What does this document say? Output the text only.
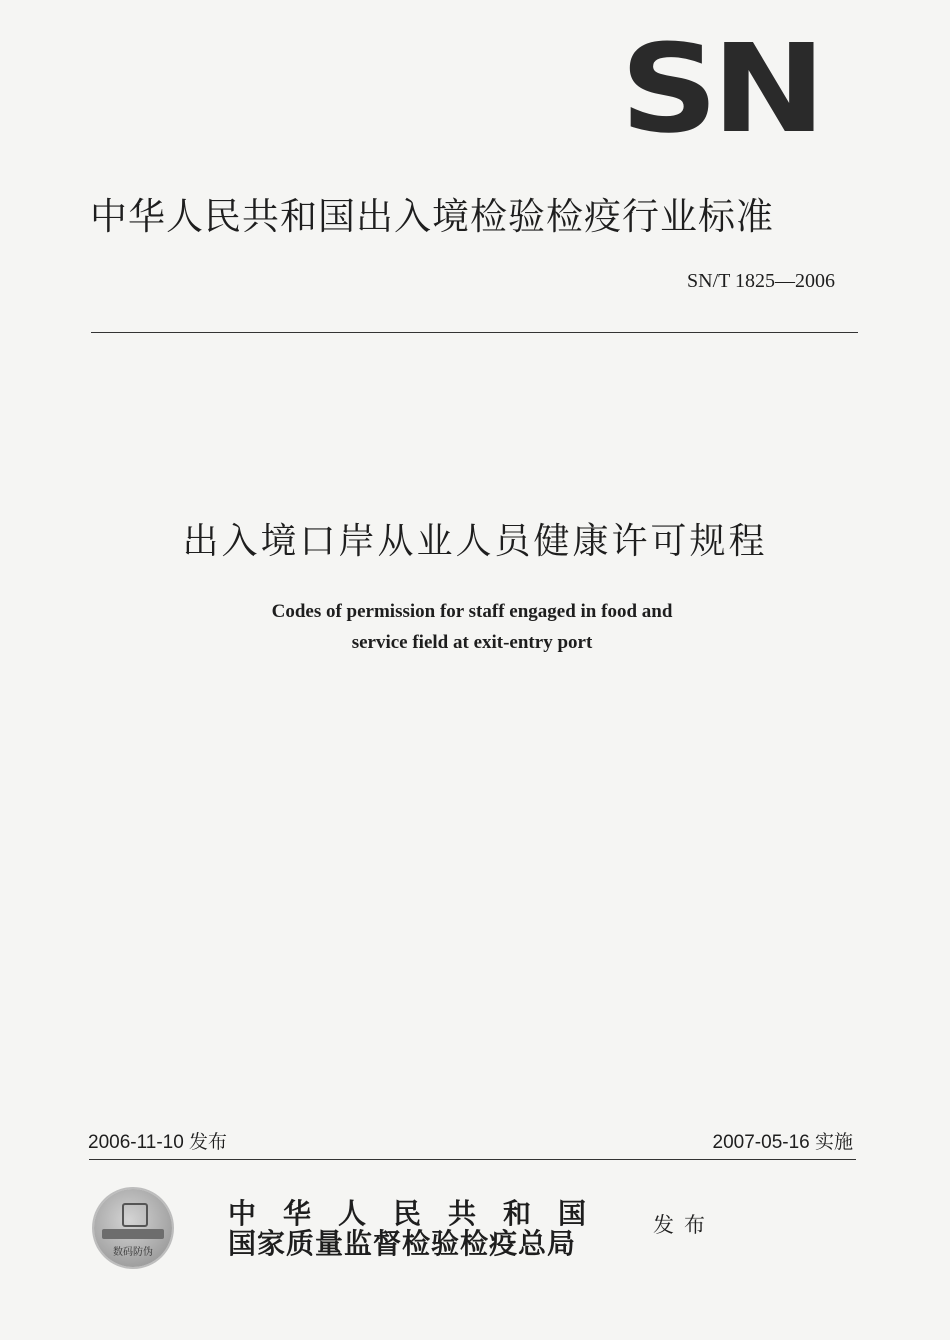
SN
中华人民共和国出入境检验检疫行业标准
SN/T 1825—2006
出入境口岸从业人员健康许可规程
Codes of permission for staff engaged in food and
service field at exit-entry port
2006-11-10 发布	2007-05-16 实施
数码防伪
中华人民共和国
国家质量监督检验检疫总局
发布
